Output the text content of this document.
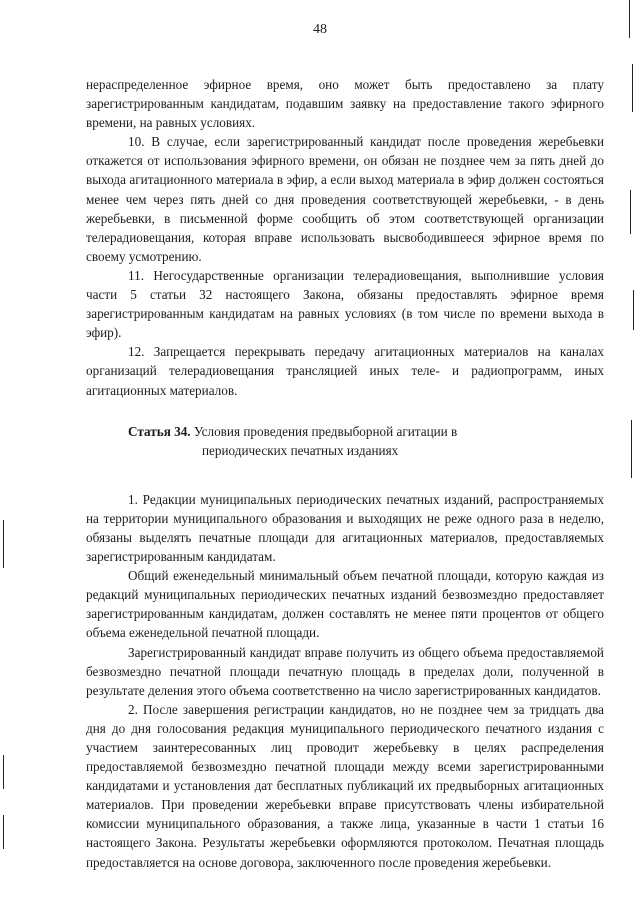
48

нераспределенное эфирное время, оно может быть предоставлено за плату зарегистрированным кандидатам, подавшим заявку на предоставление такого эфирного времени, на равных условиях.

10. В случае, если зарегистрированный кандидат после проведения жеребьевки откажется от использования эфирного времени, он обязан не позднее чем за пять дней до выхода агитационного материала в эфир, а если выход материала в эфир должен состояться менее чем через пять дней со дня проведения соответствующей жеребьевки, - в день жеребьевки, в письменной форме сообщить об этом соответствующей организации телерадиовещания, которая вправе использовать высвободившееся эфирное время по своему усмотрению.

11. Негосударственные организации телерадиовещания, выполнившие условия части 5 статьи 32 настоящего Закона, обязаны предоставлять эфирное время зарегистрированным кандидатам на равных условиях (в том числе по времени выхода в эфир).

12. Запрещается перекрывать передачу агитационных материалов на каналах организаций телерадиовещания трансляцией иных теле- и радиопрограмм, иных агитационных материалов.

Статья 34. Условия проведения предвыборной агитации в
периодических печатных изданиях

1. Редакции муниципальных периодических печатных изданий, распространяемых на территории муниципального образования и выходящих не реже одного раза в неделю, обязаны выделять печатные площади для агитационных материалов, предоставляемых зарегистрированным кандидатам.

Общий еженедельный минимальный объем печатной площади, которую каждая из редакций муниципальных периодических печатных изданий безвозмездно предоставляет зарегистрированным кандидатам, должен составлять не менее пяти процентов от общего объема еженедельной печатной площади.

Зарегистрированный кандидат вправе получить из общего объема предоставляемой безвозмездно печатной площади печатную площадь в пределах доли, полученной в результате деления этого объема соответственно на число зарегистрированных кандидатов.

2. После завершения регистрации кандидатов, но не позднее чем за тридцать два дня до дня голосования редакция муниципального периодического печатного издания с участием заинтересованных лиц проводит жеребьевку в целях распределения предоставляемой безвозмездно печатной площади между всеми зарегистрированными кандидатами и установления дат бесплатных публикаций их предвыборных агитационных материалов. При проведении жеребьевки вправе присутствовать члены избирательной комиссии муниципального образования, а также лица, указанные в части 1 статьи 16 настоящего Закона. Результаты жеребьевки оформляются протоколом. Печатная площадь предоставляется на основе договора, заключенного после проведения жеребьевки.
